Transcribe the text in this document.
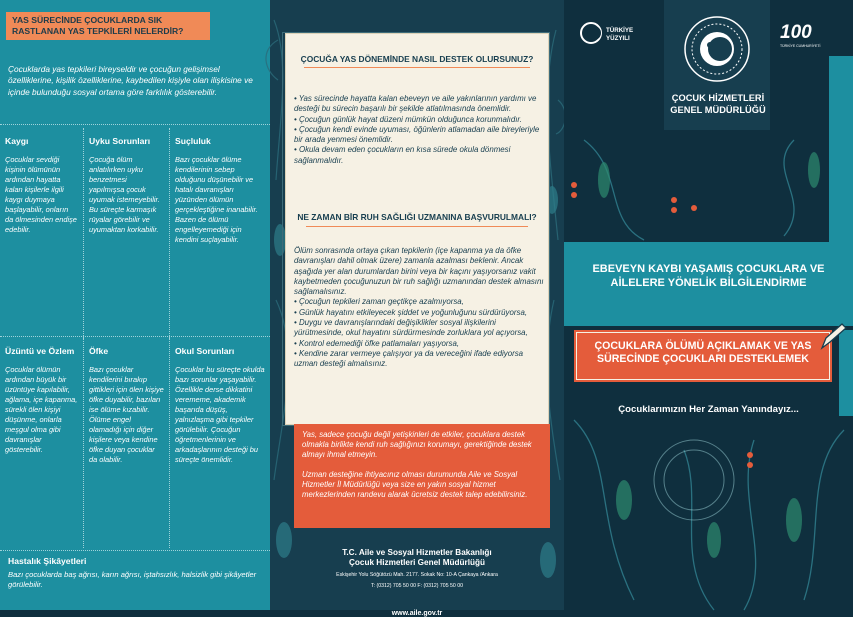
YAS SÜRECİNDE ÇOCUKLARDA SIK RASTLANAN YAS TEPKİLERİ NELERDİR?
Çocuklarda yas tepkileri bireyseldir ve çocuğun gelişimsel özelliklerine, kişilik özelliklerine, kaybedilen kişiyle olan ilişkisine ve içinde bulunduğu sosyal ortama göre farklılık gösterebilir.
Kaygı
Çocuklar sevdiği kişinin ölümünün ardından hayatta kalan kişilerle ilgili kaygı duymaya başlayabilir, onların da ölmesinden endişe edebilir.
Uyku Sorunları
Çocuğa ölüm anlatılırken uyku benzetmesi yapılmışsa çocuk uyumak istemeyebilir. Bu süreçte karmaşık rüyalar görebilir ve uyumaktan korkabilir.
Suçluluk
Bazı çocuklar ölüme kendilerinin sebep olduğunu düşünebilir ve hatalı davranışları yüzünden ölümün gerçekleştiğine inanabilir. Bazen de ölümü engelleyemediği için kendini suçlayabilir.
Üzüntü ve Özlem
Çocuklar ölümün ardından büyük bir üzüntüye kapılabilir, ağlama, içe kapanma, sürekli ölen kişiyi düşünme, onlarla meşgul olma gibi davranışlar gösterebilir.
Öfke
Bazı çocuklar kendilerini bırakıp gittikleri için ölen kişiye öfke duyabilir, bazıları ise ölüme kızabilir. Ölüme engel olamadığı için diğer kişilere veya kendine öfke duyan çocuklar da olabilir.
Okul Sorunları
Çocuklar bu süreçte okulda bazı sorunlar yaşayabilir. Özellikle derse dikkatini verememe, akademik başarıda düşüş, yalnızlaşma gibi tepkiler görülebilir. Çocuğun öğretmenlerinin ve arkadaşlarının desteği bu süreçte önemlidir.
Hastalık Şikâyetleri
Bazı çocuklarda baş ağrısı, karın ağrısı, iştahsızlık, halsizlik gibi şikâyetler görülebilir.
ÇOCUĞA YAS DÖNEMİNDE NASIL DESTEK OLURSUNUZ?
• Yas sürecinde hayatta kalan ebeveyn ve aile yakınlarının yardımı ve desteği bu sürecin başarılı bir şekilde atlatılmasında önemlidir.
• Çocuğun günlük hayat düzeni mümkün olduğunca korunmalıdır.
• Çocuğun kendi evinde uyuması, öğünlerin atlamadan aile bireyleriyle bir arada yenmesi önemlidir.
• Okula devam eden çocukların en kısa sürede okula dönmesi sağlanmalıdır.
NE ZAMAN BİR RUH SAĞLIĞI UZMANINA BAŞVURULMALI?
Ölüm sonrasında ortaya çıkan tepkilerin (içe kapanma ya da öfke davranışları dahil olmak üzere) zamanla azalması beklenir. Ancak aşağıda yer alan durumlardan birini veya bir kaçını yaşıyorsanız vakit kaybetmeden çocuğunuzun bir ruh sağlığı uzmanından destek almasını sağlamalısınız.
• Çocuğun tepkileri zaman geçtikçe azalmıyorsa,
• Günlük hayatını etkileyecek şiddet ve yoğunluğunu sürdürüyorsa,
• Duygu ve davranışlarındaki değişiklikler sosyal ilişkilerini yürütmesinde, okul hayatını sürdürmesinde zorluklara yol açıyorsa,
• Kontrol edemediği öfke patlamaları yaşıyorsa,
• Kendine zarar vermeye çalışıyor ya da vereceğini ifade ediyorsa uzman desteği almalısınız.

Yas, sadece çocuğu değil yetişkinleri de etkiler, çocuklara destek olmakla birlikte kendi ruh sağlığınızı korumayı, gerektiğinde destek almayı ihmal etmeyin.

Uzman desteğine ihtiyacınız olması durumunda Aile ve Sosyal Hizmetler İl Müdürlüğü veya size en yakın sosyal hizmet merkezlerinden randevu alarak ücretsiz destek talep edebilirsiniz.

T.C. Aile ve Sosyal Hizmetler Bakanlığı
Çocuk Hizmetleri Genel Müdürlüğü
Eskişehir Yolu Söğütözü Mah. 2177. Sokak No: 10-A Çankaya /Ankara
T: (0312) 705 50 00 F: (0312) 705 50 00
www.aile.gov.tr
TÜRKİYE YÜZYILI
ÇOCUK HİZMETLERİ GENEL MÜDÜRLÜĞÜ
100
TÜRKİYE CUMHURİYETİ
EBEVEYN KAYBI YAŞAMIŞ ÇOCUKLARA VE AİLELERE YÖNELİK BİLGİLENDİRME
ÇOCUKLARA ÖLÜMÜ AÇIKLAMAK VE YAS SÜRECİNDE ÇOCUKLARI DESTEKLEMEK
Çocuklarımızın Her Zaman Yanındayız...
